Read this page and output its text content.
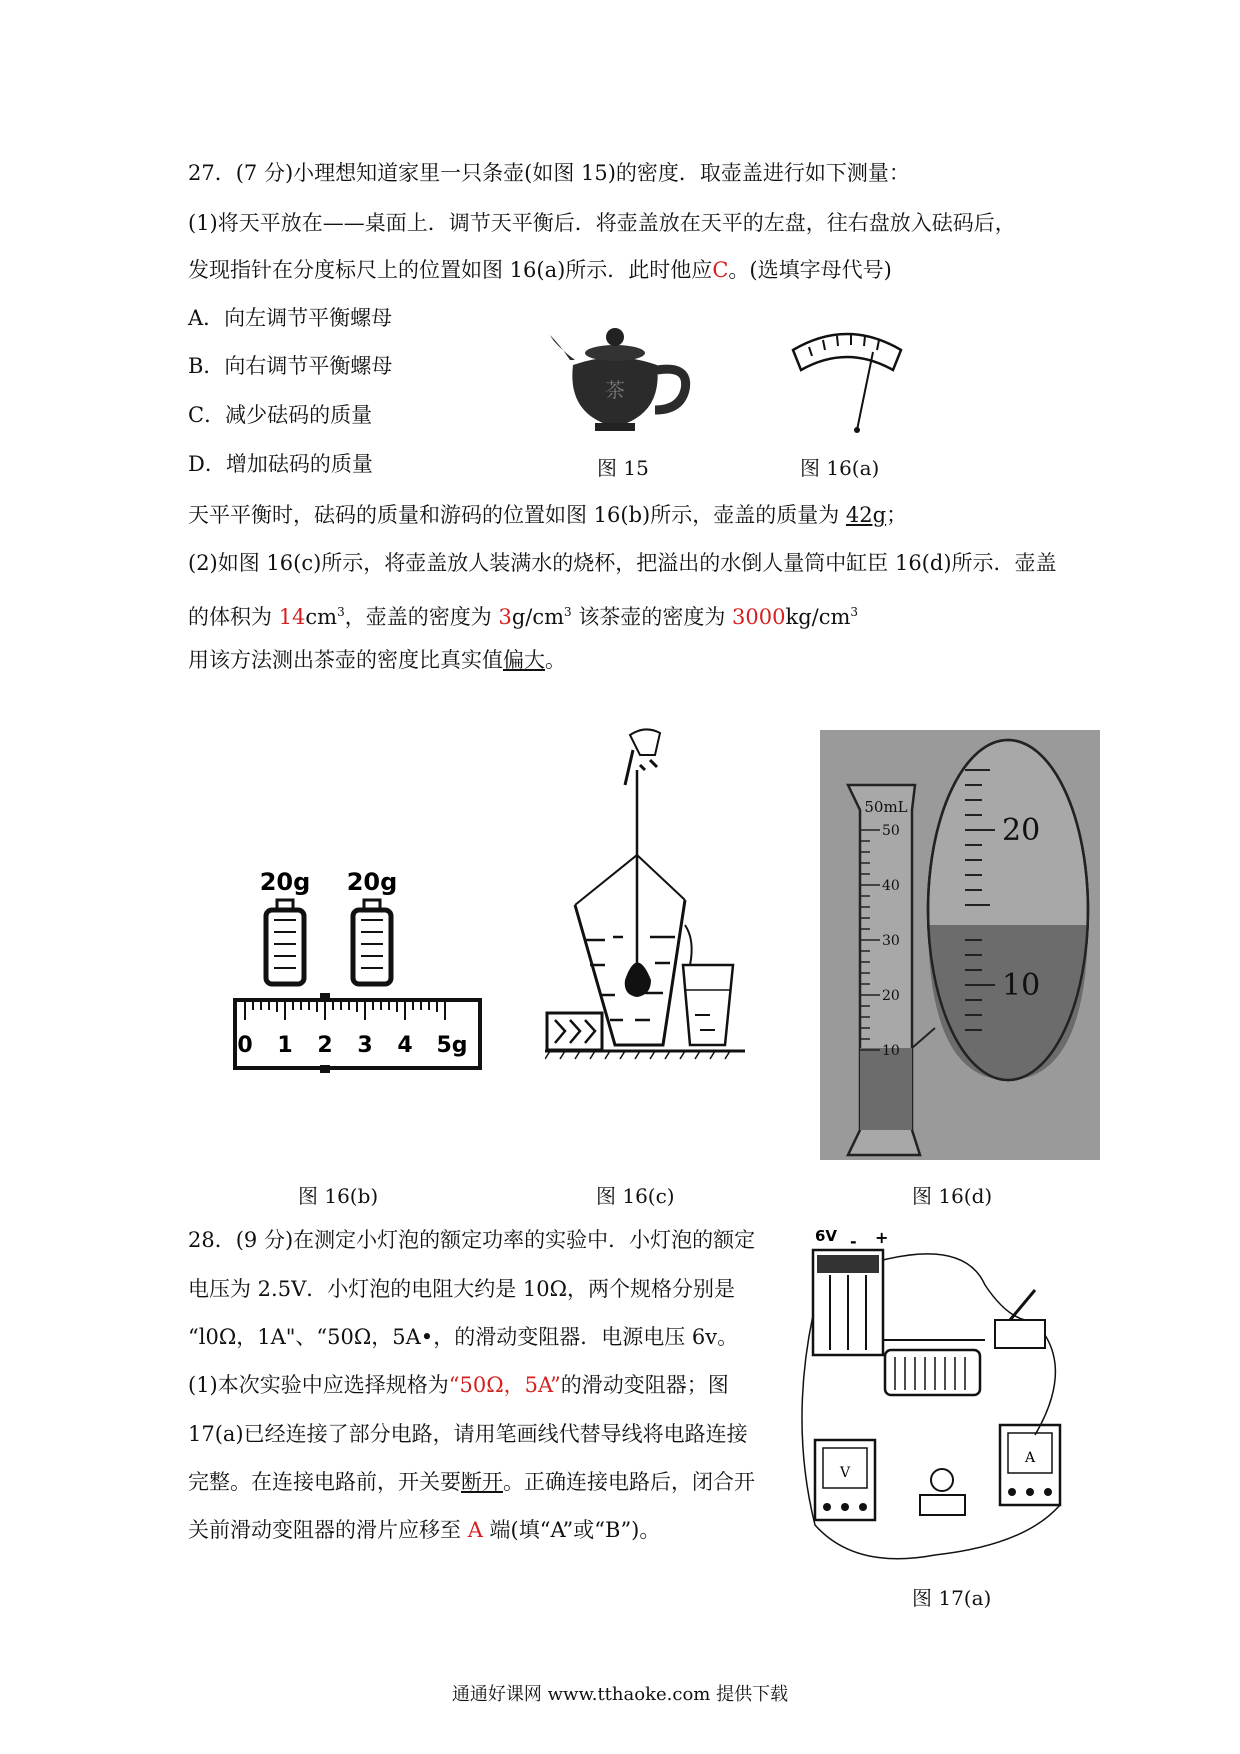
27．(7 分)小理想知道家里一只条壶(如图 15)的密度．取壶盖进行如下测量：
(1)将天平放在——桌面上．调节天平衡后．将壶盖放在天平的左盘，往右盘放入砝码后，
发现指针在分度标尺上的位置如图 16(a)所示．此时他应C。(选填字母代号)
A．向左调节平衡螺母
B．向右调节平衡螺母
C．减少砝码的质量
D．增加砝码的质量
茶
图 15	图 16(a)
天平平衡时，砝码的质量和游码的位置如图 16(b)所示，壶盖的质量为 42g；
(2)如图 16(c)所示，将壶盖放人装满水的烧杯，把溢出的水倒人量筒中缸臣 16(d)所示．壶盖
的体积为 $14cm^3$，壶盖的密度为 $3g/cm^3$ 该茶壶的密度为 $3000kg/cm^3$
用该方法测出茶壶的密度比真实值偏大。
20g 20g
0 1 2 3 4 5g
50mL
50
40
30
20
10
20
10
图 16(b)	图 16(c)	图 16(d)
28．(9 分)在测定小灯泡的额定功率的实验中．小灯泡的额定
电压为 2.5V．小灯泡的电阻大约是 10Ω，两个规格分别是
“l0Ω，1A"、“50Ω，5A•，的滑动变阻器．电源电压 6v。
(1)本次实验中应选择规格为“50Ω，5A”的滑动变阻器；图
17(a)已经连接了部分电路，请用笔画线代替导线将电路连接
完整。在连接电路前，开关要断开。正确连接电路后，闭合开
关前滑动变阻器的滑片应移至 A 端(填“A”或“B”)。
6V - +
V
A
图 17(a)
通通好课网 www.tthaoke.com 提供下载
